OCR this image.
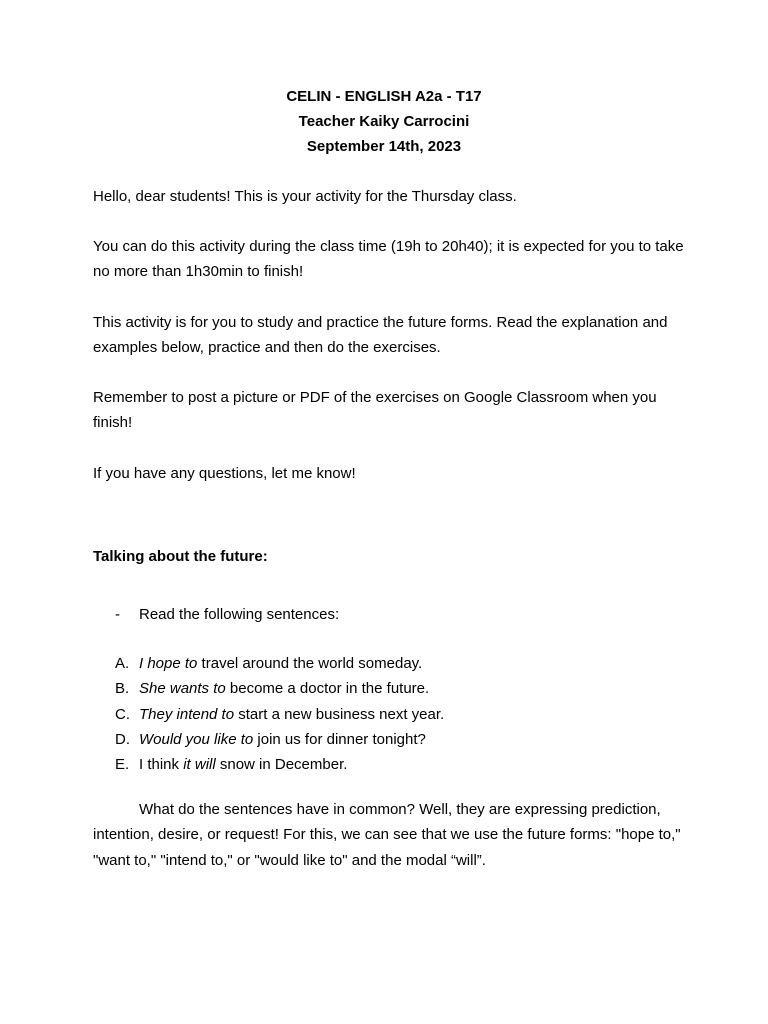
CELIN - ENGLISH A2a - T17
Teacher Kaiky Carrocini
September 14th, 2023

Hello, dear students! This is your activity for the Thursday class.

You can do this activity during the class time (19h to 20h40); it is expected for you to take no more than 1h30min to finish!

This activity is for you to study and practice the future forms. Read the explanation and examples below, practice and then do the exercises.

Remember to post a picture or PDF of the exercises on Google Classroom when you finish!

If you have any questions, let me know!

Talking about the future:

- Read the following sentences:
A. I hope to travel around the world someday.
B. She wants to become a doctor in the future.
C. They intend to start a new business next year.
D. Would you like to join us for dinner tonight?
E. I think it will snow in December.

What do the sentences have in common? Well, they are expressing prediction, intention, desire, or request! For this, we can see that we use the future forms: "hope to," "want to," "intend to," or "would like to" and the modal “will”.
